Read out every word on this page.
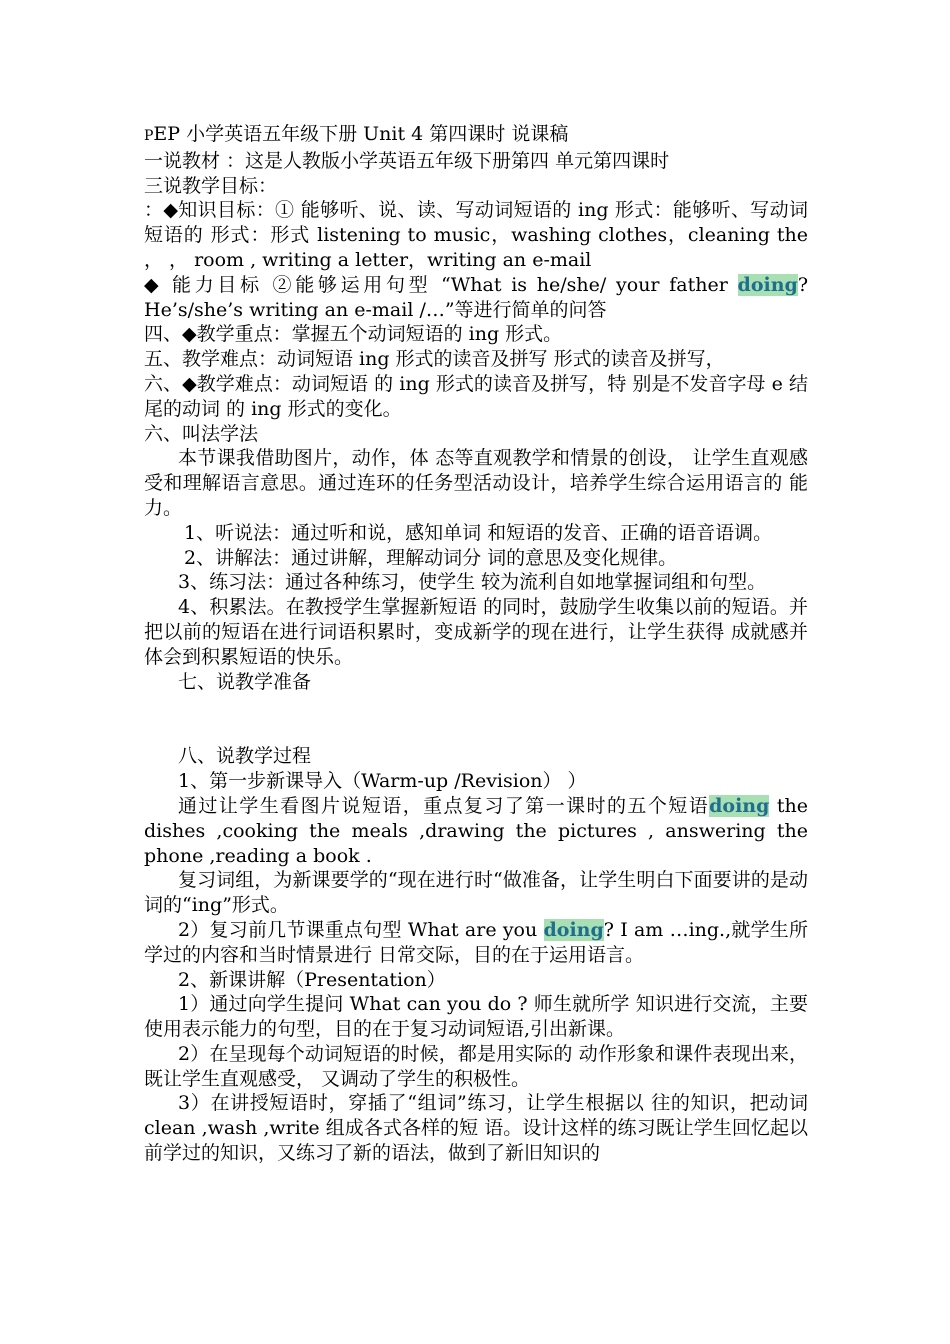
PEP 小学英语五年级下册 Unit 4 第四课时 说课稿

一说教材 ：这是人教版小学英语五年级下册第四 单元第四课时

三说教学目标：

：◆知识目标：① 能够听、说、读、写动词短语的 ing 形式：能够听、写动词短语的 形式：形式 listening to music，washing clothes，cleaning the ， ， room , writing a letter，writing an e-mail

◆ 能力目标 ②能够运用句型 “What is he/she/ your father doing? He’s/she’s writing an e-mail /…”等进行简单的问答

四、◆教学重点：掌握五个动词短语的 ing 形式。

五、教学难点：动词短语 ing 形式的读音及拼写 形式的读音及拼写，

六、◆教学难点：动词短语 的 ing 形式的读音及拼写，特 别是不发音字母 e 结尾的动词 的 ing 形式的变化。

六、叫法学法

本节课我借助图片，动作，体 态等直观教学和情景的创设， 让学生直观感受和理解语言意思。通过连环的任务型活动设计，培养学生综合运用语言的 能力。

1、听说法：通过听和说，感知单词 和短语的发音、正确的语音语调。

2、讲解法：通过讲解，理解动词分 词的意思及变化规律。

3、练习法：通过各种练习，使学生 较为流利自如地掌握词组和句型。

4、积累法。在教授学生掌握新短语 的同时，鼓励学生收集以前的短语。并把以前的短语在进行词语积累时，变成新学的现在进行，让学生获得 成就感并体会到积累短语的快乐。

七、说教学准备

八、说教学过程

1、第一步新课导入（Warm-up /Revision） ）

通过让学生看图片说短语，重点复习了第一课时的五个短语doing the dishes ,cooking the meals ,drawing the pictures , answering the phone ,reading a book .

复习词组，为新课要学的“现在进行时“做准备，让学生明白下面要讲的是动词的“ing”形式。

2）复习前几节课重点句型 What are you doing? I am …ing.,就学生所学过的内容和当时情景进行 日常交际，目的在于运用语言。

2、新课讲解（Presentation）

1）通过向学生提问 What can you do ? 师生就所学 知识进行交流，主要使用表示能力的句型，目的在于复习动词短语,引出新课。

2）在呈现每个动词短语的时候，都是用实际的 动作形象和课件表现出来，既让学生直观感受， 又调动了学生的积极性。

3）在讲授短语时，穿插了“组词”练习，让学生根据以 往的知识，把动词 clean ,wash ,write 组成各式各样的短 语。设计这样的练习既让学生回忆起以前学过的知识，又练习了新的语法，做到了新旧知识的
